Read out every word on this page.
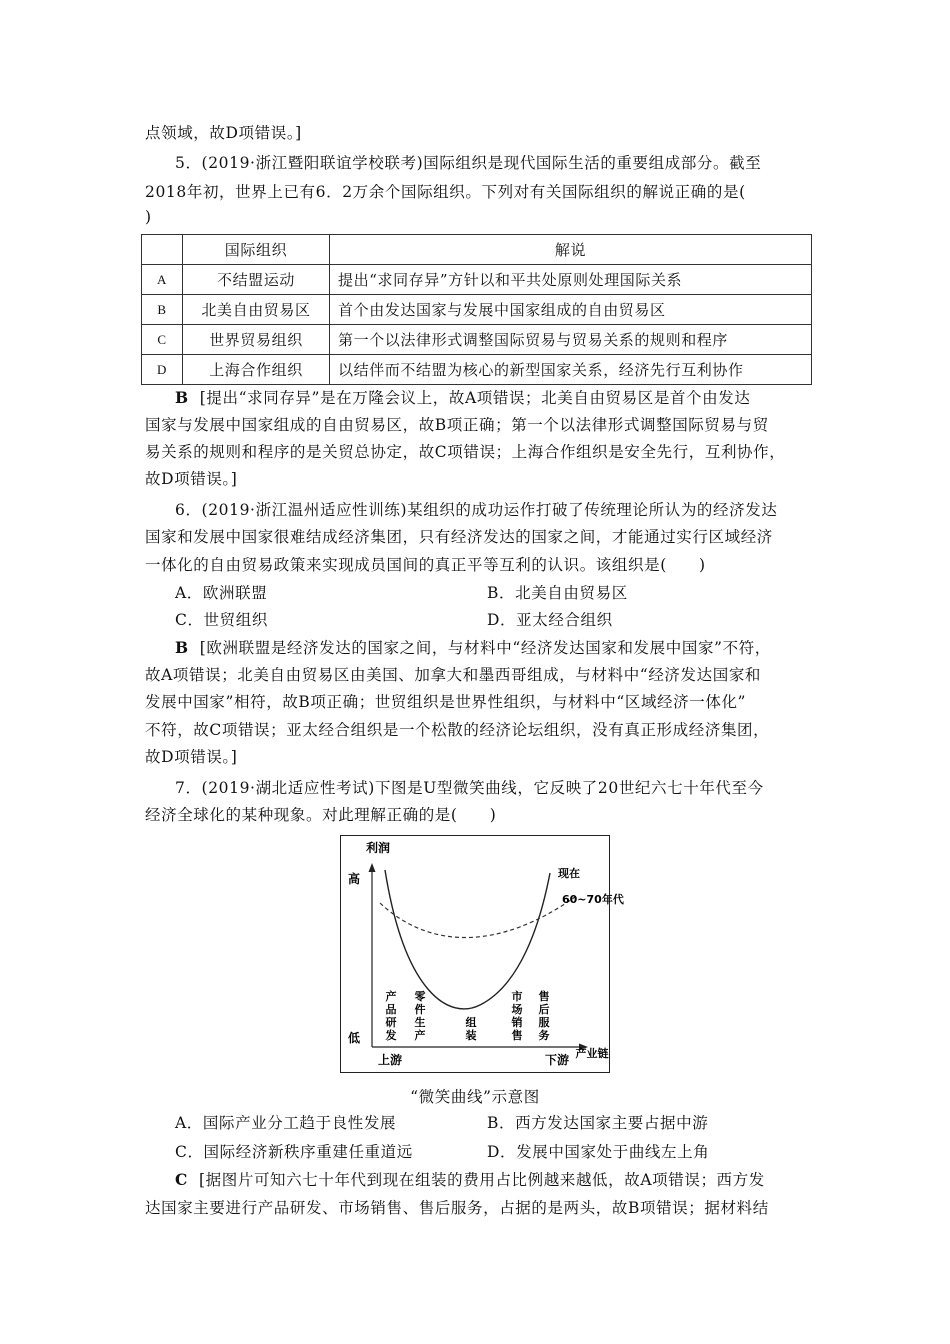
点领域，故D项错误。]
5．(2019·浙江暨阳联谊学校联考)国际组织是现代国际生活的重要组成部分。截至
2018年初，世界上已有6．2万余个国际组织。下列对有关国际组织的解说正确的是(
)
	国际组织	解说
A	不结盟运动	提出“求同存异”方针以和平共处原则处理国际关系
B	北美自由贸易区	首个由发达国家与发展中国家组成的自由贸易区
C	世界贸易组织	第一个以法律形式调整国际贸易与贸易关系的规则和程序
D	上海合作组织	以结伴而不结盟为核心的新型国家关系，经济先行互利协作
B [提出“求同存异”是在万隆会议上，故A项错误；北美自由贸易区是首个由发达
国家与发展中国家组成的自由贸易区，故B项正确；第一个以法律形式调整国际贸易与贸
易关系的规则和程序的是关贸总协定，故C项错误；上海合作组织是安全先行，互利协作，
故D项错误。]
6．(2019·浙江温州适应性训练)某组织的成功运作打破了传统理论所认为的经济发达
国家和发展中国家很难结成经济集团，只有经济发达的国家之间，才能通过实行区域经济
一体化的自由贸易政策来实现成员国间的真正平等互利的认识。该组织是(　　)
A．欧洲联盟	B．北美自由贸易区
C．世贸组织	D．亚太经合组织
B [欧洲联盟是经济发达的国家之间，与材料中“经济发达国家和发展中国家”不符，
故A项错误；北美自由贸易区由美国、加拿大和墨西哥组成，与材料中“经济发达国家和
发展中国家”相符，故B项正确；世贸组织是世界性组织，与材料中“区域经济一体化”
不符，故C项错误；亚太经合组织是一个松散的经济论坛组织，没有真正形成经济集团，
故D项错误。]
7．(2019·湖北适应性考试)下图是U型微笑曲线，它反映了20世纪六七十年代至今
经济全球化的某种现象。对此理解正确的是(　　)
利润
高
低
上游	下游 产业链
现在
60~70年代
产品研发
零件生产
组装
市场销售
售后服务
“微笑曲线”示意图
A．国际产业分工趋于良性发展	B．西方发达国家主要占据中游
C．国际经济新秩序重建任重道远	D．发展中国家处于曲线左上角
C [据图片可知六七十年代到现在组装的费用占比例越来越低，故A项错误；西方发
达国家主要进行产品研发、市场销售、售后服务，占据的是两头，故B项错误；据材料结
